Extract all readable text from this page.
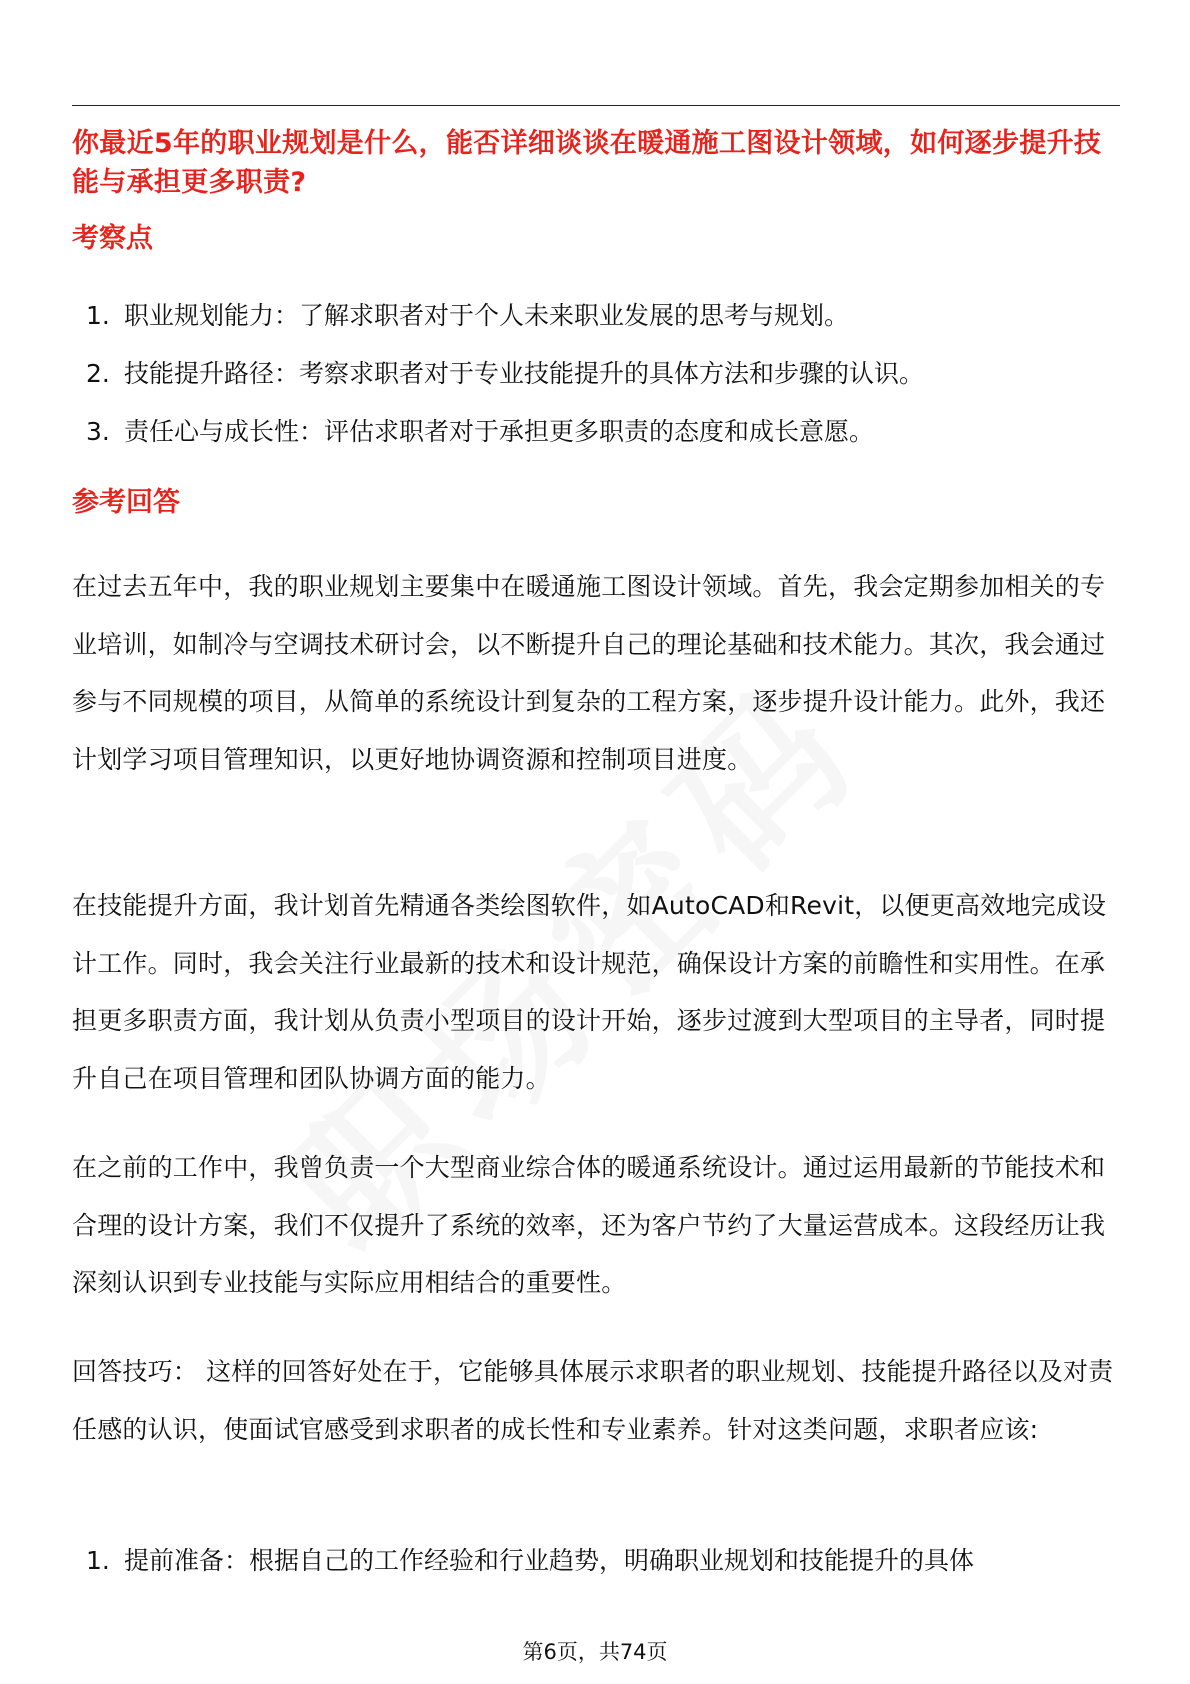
你最近5年的职业规划是什么，能否详细谈谈在暖通施工图设计领域，如何逐步提升技能与承担更多职责?
考察点
1. 职业规划能力：了解求职者对于个人未来职业发展的思考与规划。
2. 技能提升路径：考察求职者对于专业技能提升的具体方法和步骤的认识。
3. 责任心与成长性：评估求职者对于承担更多职责的态度和成长意愿。
参考回答

在过去五年中，我的职业规划主要集中在暖通施工图设计领域。首先，我会定期参加相关的专业培训，如制冷与空调技术研讨会，以不断提升自己的理论基础和技术能力。其次，我会通过参与不同规模的项目，从简单的系统设计到复杂的工程方案，逐步提升设计能力。此外，我还计划学习项目管理知识，以更好地协调资源和控制项目进度。

在技能提升方面，我计划首先精通各类绘图软件，如AutoCAD和Revit，以便更高效地完成设计工作。同时，我会关注行业最新的技术和设计规范，确保设计方案的前瞻性和实用性。在承担更多职责方面，我计划从负责小型项目的设计开始，逐步过渡到大型项目的主导者，同时提升自己在项目管理和团队协调方面的能力。

在之前的工作中，我曾负责一个大型商业综合体的暖通系统设计。通过运用最新的节能技术和合理的设计方案，我们不仅提升了系统的效率，还为客户节约了大量运营成本。这段经历让我深刻认识到专业技能与实际应用相结合的重要性。

回答技巧： 这样的回答好处在于，它能够具体展示求职者的职业规划、技能提升路径以及对责任感的认识，使面试官感受到求职者的成长性和专业素养。针对这类问题，求职者应该:

1. 提前准备：根据自己的工作经验和行业趋势，明确职业规划和技能提升的具体
第6页，共74页
